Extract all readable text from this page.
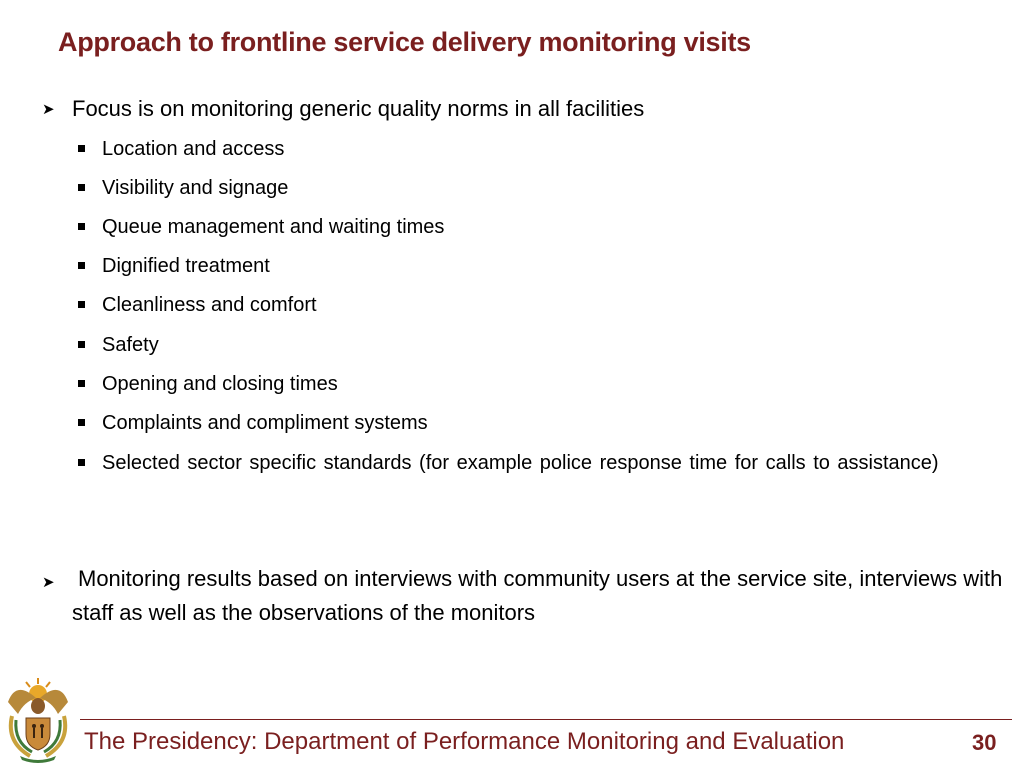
Approach to frontline service delivery monitoring visits
➤ Focus is on monitoring generic quality norms in all facilities
Location and access
Visibility and signage
Queue management and waiting times
Dignified treatment
Cleanliness and comfort
Safety
Opening and closing times
Complaints and compliment systems
Selected sector specific standards (for example police response time for calls to assistance)
➤ Monitoring results based on interviews with community users at the service site, interviews with staff as well as the observations of the monitors
The Presidency: Department of Performance Monitoring and Evaluation	30
